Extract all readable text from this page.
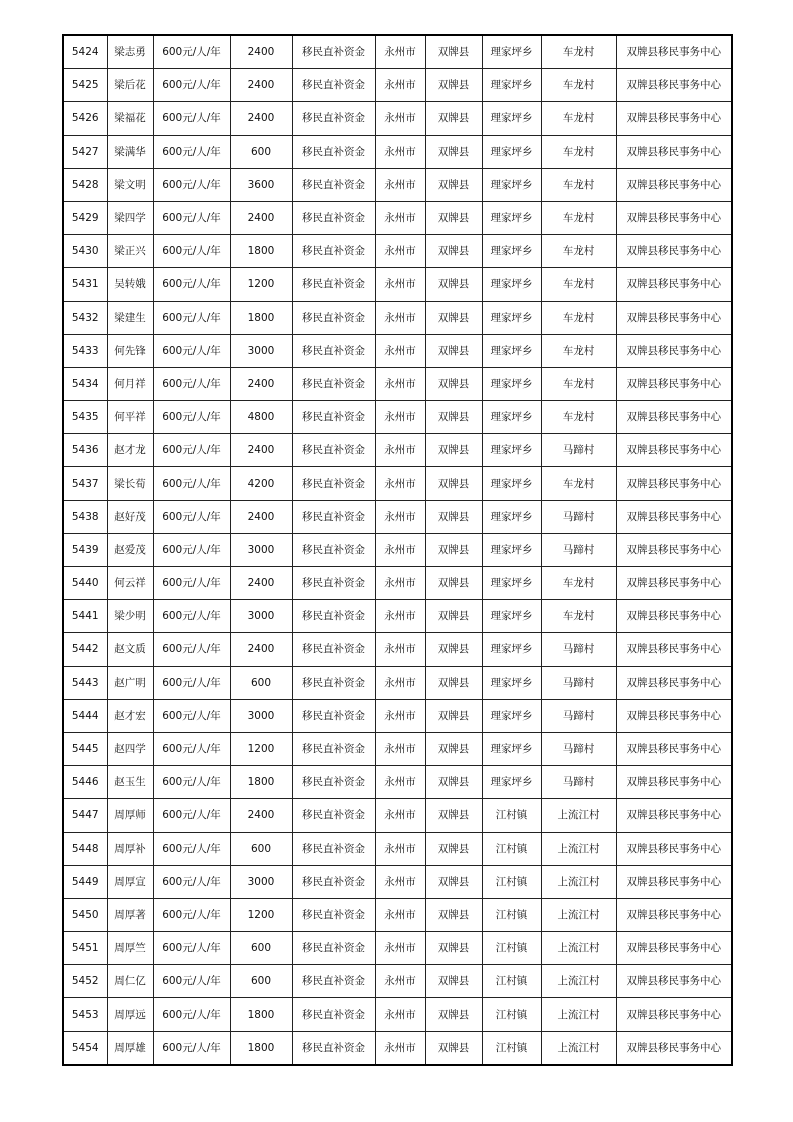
5424	梁志勇	600元/人/年	2400	移民直补资金	永州市	双牌县	理家坪乡	车龙村	双牌县移民事务中心
5425	梁后花	600元/人/年	2400	移民直补资金	永州市	双牌县	理家坪乡	车龙村	双牌县移民事务中心
5426	梁福花	600元/人/年	2400	移民直补资金	永州市	双牌县	理家坪乡	车龙村	双牌县移民事务中心
5427	梁满华	600元/人/年	600	移民直补资金	永州市	双牌县	理家坪乡	车龙村	双牌县移民事务中心
5428	梁文明	600元/人/年	3600	移民直补资金	永州市	双牌县	理家坪乡	车龙村	双牌县移民事务中心
5429	梁四学	600元/人/年	2400	移民直补资金	永州市	双牌县	理家坪乡	车龙村	双牌县移民事务中心
5430	梁正兴	600元/人/年	1800	移民直补资金	永州市	双牌县	理家坪乡	车龙村	双牌县移民事务中心
5431	吴转娥	600元/人/年	1200	移民直补资金	永州市	双牌县	理家坪乡	车龙村	双牌县移民事务中心
5432	梁建生	600元/人/年	1800	移民直补资金	永州市	双牌县	理家坪乡	车龙村	双牌县移民事务中心
5433	何先锋	600元/人/年	3000	移民直补资金	永州市	双牌县	理家坪乡	车龙村	双牌县移民事务中心
5434	何月祥	600元/人/年	2400	移民直补资金	永州市	双牌县	理家坪乡	车龙村	双牌县移民事务中心
5435	何平祥	600元/人/年	4800	移民直补资金	永州市	双牌县	理家坪乡	车龙村	双牌县移民事务中心
5436	赵才龙	600元/人/年	2400	移民直补资金	永州市	双牌县	理家坪乡	马蹄村	双牌县移民事务中心
5437	梁长荀	600元/人/年	4200	移民直补资金	永州市	双牌县	理家坪乡	车龙村	双牌县移民事务中心
5438	赵好茂	600元/人/年	2400	移民直补资金	永州市	双牌县	理家坪乡	马蹄村	双牌县移民事务中心
5439	赵爱茂	600元/人/年	3000	移民直补资金	永州市	双牌县	理家坪乡	马蹄村	双牌县移民事务中心
5440	何云祥	600元/人/年	2400	移民直补资金	永州市	双牌县	理家坪乡	车龙村	双牌县移民事务中心
5441	梁少明	600元/人/年	3000	移民直补资金	永州市	双牌县	理家坪乡	车龙村	双牌县移民事务中心
5442	赵文质	600元/人/年	2400	移民直补资金	永州市	双牌县	理家坪乡	马蹄村	双牌县移民事务中心
5443	赵广明	600元/人/年	600	移民直补资金	永州市	双牌县	理家坪乡	马蹄村	双牌县移民事务中心
5444	赵才宏	600元/人/年	3000	移民直补资金	永州市	双牌县	理家坪乡	马蹄村	双牌县移民事务中心
5445	赵四学	600元/人/年	1200	移民直补资金	永州市	双牌县	理家坪乡	马蹄村	双牌县移民事务中心
5446	赵玉生	600元/人/年	1800	移民直补资金	永州市	双牌县	理家坪乡	马蹄村	双牌县移民事务中心
5447	周厚师	600元/人/年	2400	移民直补资金	永州市	双牌县	江村镇	上流江村	双牌县移民事务中心
5448	周厚补	600元/人/年	600	移民直补资金	永州市	双牌县	江村镇	上流江村	双牌县移民事务中心
5449	周厚宣	600元/人/年	3000	移民直补资金	永州市	双牌县	江村镇	上流江村	双牌县移民事务中心
5450	周厚著	600元/人/年	1200	移民直补资金	永州市	双牌县	江村镇	上流江村	双牌县移民事务中心
5451	周厚竺	600元/人/年	600	移民直补资金	永州市	双牌县	江村镇	上流江村	双牌县移民事务中心
5452	周仁亿	600元/人/年	600	移民直补资金	永州市	双牌县	江村镇	上流江村	双牌县移民事务中心
5453	周厚远	600元/人/年	1800	移民直补资金	永州市	双牌县	江村镇	上流江村	双牌县移民事务中心
5454	周厚雄	600元/人/年	1800	移民直补资金	永州市	双牌县	江村镇	上流江村	双牌县移民事务中心
